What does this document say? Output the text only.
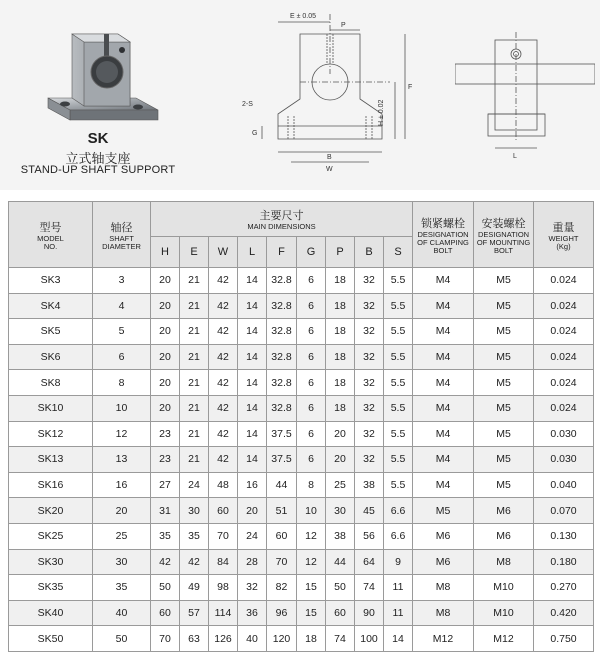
SK
立式轴支座
STAND-UP SHAFT SUPPORT
E ± 0.05
P
F
H ± 0.02
2-S
G
B
W
L
型号
MODEL
NO.	轴径
SHAFT
DIAMETER	主要尺寸
MAIN DIMENSIONS									锁紧螺栓
DESIGNATION
OF CLAMPING
BOLT	安装螺栓
DESIGNATION
OF MOUNTING
BOLT	重量
WEIGHT
(Kg)

		H	E	W	L	F	G	P	B	S			
SK3	3	20	21	42	14	32.8	6	18	32	5.5	M4	M5	0.024
SK4	4	20	21	42	14	32.8	6	18	32	5.5	M4	M5	0.024
SK5	5	20	21	42	14	32.8	6	18	32	5.5	M4	M5	0.024
SK6	6	20	21	42	14	32.8	6	18	32	5.5	M4	M5	0.024
SK8	8	20	21	42	14	32.8	6	18	32	5.5	M4	M5	0.024
SK10	10	20	21	42	14	32.8	6	18	32	5.5	M4	M5	0.024
SK12	12	23	21	42	14	37.5	6	20	32	5.5	M4	M5	0.030
SK13	13	23	21	42	14	37.5	6	20	32	5.5	M4	M5	0.030
SK16	16	27	24	48	16	44	8	25	38	5.5	M4	M5	0.040
SK20	20	31	30	60	20	51	10	30	45	6.6	M5	M6	0.070
SK25	25	35	35	70	24	60	12	38	56	6.6	M6	M6	0.130
SK30	30	42	42	84	28	70	12	44	64	9	M6	M8	0.180
SK35	35	50	49	98	32	82	15	50	74	11	M8	M10	0.270
SK40	40	60	57	114	36	96	15	60	90	11	M8	M10	0.420
SK50	50	70	63	126	40	120	18	74	100	14	M12	M12	0.750
